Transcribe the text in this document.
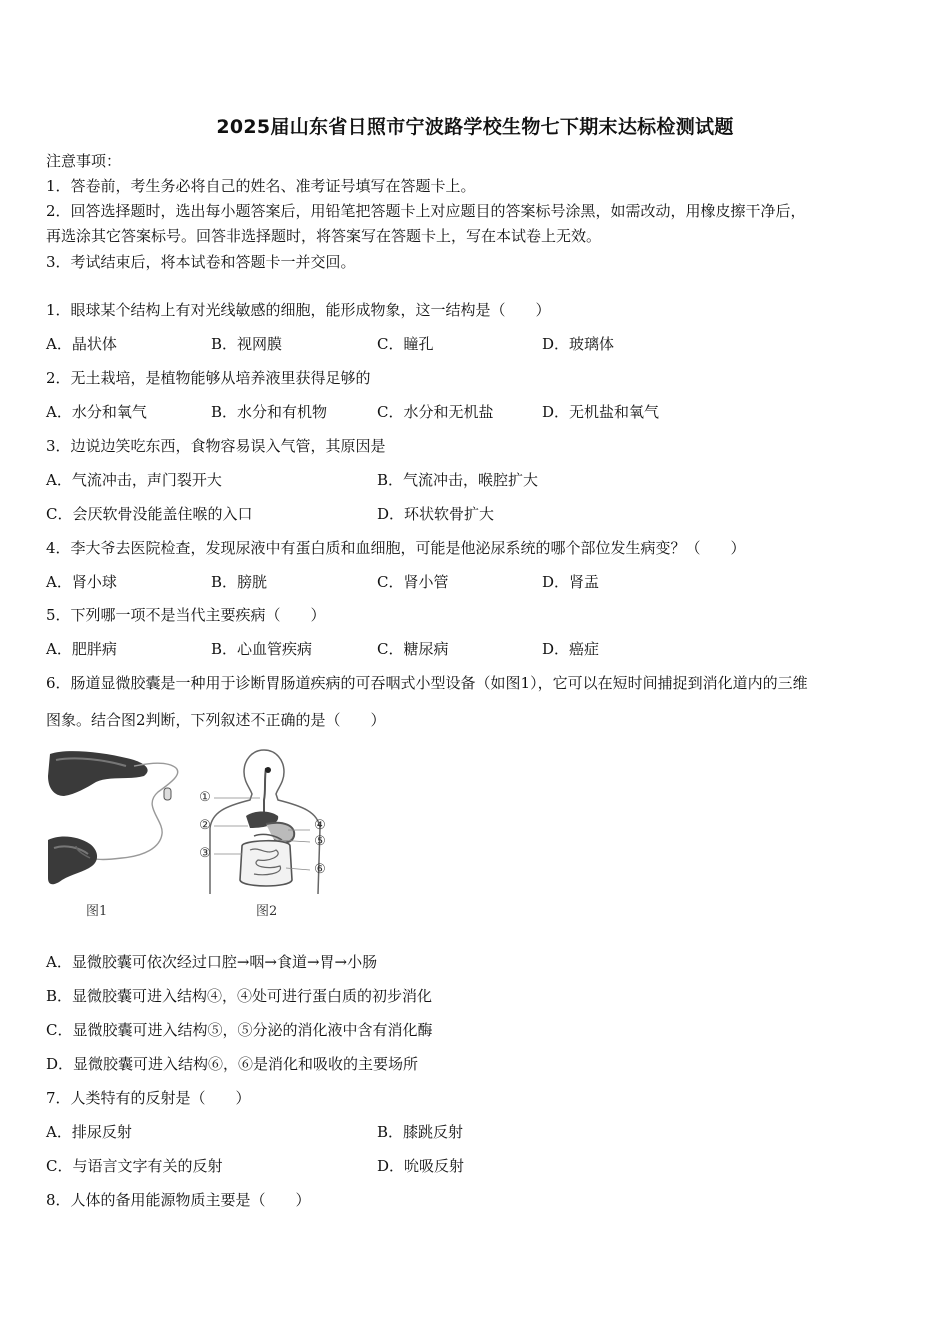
2025届山东省日照市宁波路学校生物七下期末达标检测试题
注意事项：
1．答卷前，考生务必将自己的姓名、准考证号填写在答题卡上。
2．回答选择题时，选出每小题答案后，用铅笔把答题卡上对应题目的答案标号涂黑，如需改动，用橡皮擦干净后，
再选涂其它答案标号。回答非选择题时，将答案写在答题卡上，写在本试卷上无效。
3．考试结束后，将本试卷和答题卡一并交回。
1．眼球某个结构上有对光线敏感的细胞，能形成物象，这一结构是（　　）
A．晶状体	B．视网膜	C．瞳孔	D．玻璃体
2．无土栽培，是植物能够从培养液里获得足够的
A．水分和氧气	B．水分和有机物	C．水分和无机盐	D．无机盐和氧气
3．边说边笑吃东西，食物容易误入气管，其原因是
A．气流冲击，声门裂开大	B．气流冲击，喉腔扩大
C．会厌软骨没能盖住喉的入口	D．环状软骨扩大
4．李大爷去医院检查，发现尿液中有蛋白质和血细胞，可能是他泌尿系统的哪个部位发生病变？（　　）
A．肾小球	B．膀胱	C．肾小管	D．肾盂
5．下列哪一项不是当代主要疾病（　　）
A．肥胖病	B．心血管疾病	C．糖尿病	D．癌症
6．肠道显微胶囊是一种用于诊断胃肠道疾病的可吞咽式小型设备（如图1），它可以在短时间捕捉到消化道内的三维
图象。结合图2判断，下列叙述不正确的是（　　）
①
②
③
④
⑤
⑥
图1	图2
A．显微胶囊可依次经过口腔→咽→食道→胃→小肠
B．显微胶囊可进入结构④，④处可进行蛋白质的初步消化
C．显微胶囊可进入结构⑤，⑤分泌的消化液中含有消化酶
D．显微胶囊可进入结构⑥，⑥是消化和吸收的主要场所
7．人类特有的反射是（　　）
A．排尿反射	B．膝跳反射
C．与语言文字有关的反射	D．吮吸反射
8．人体的备用能源物质主要是（　　）
